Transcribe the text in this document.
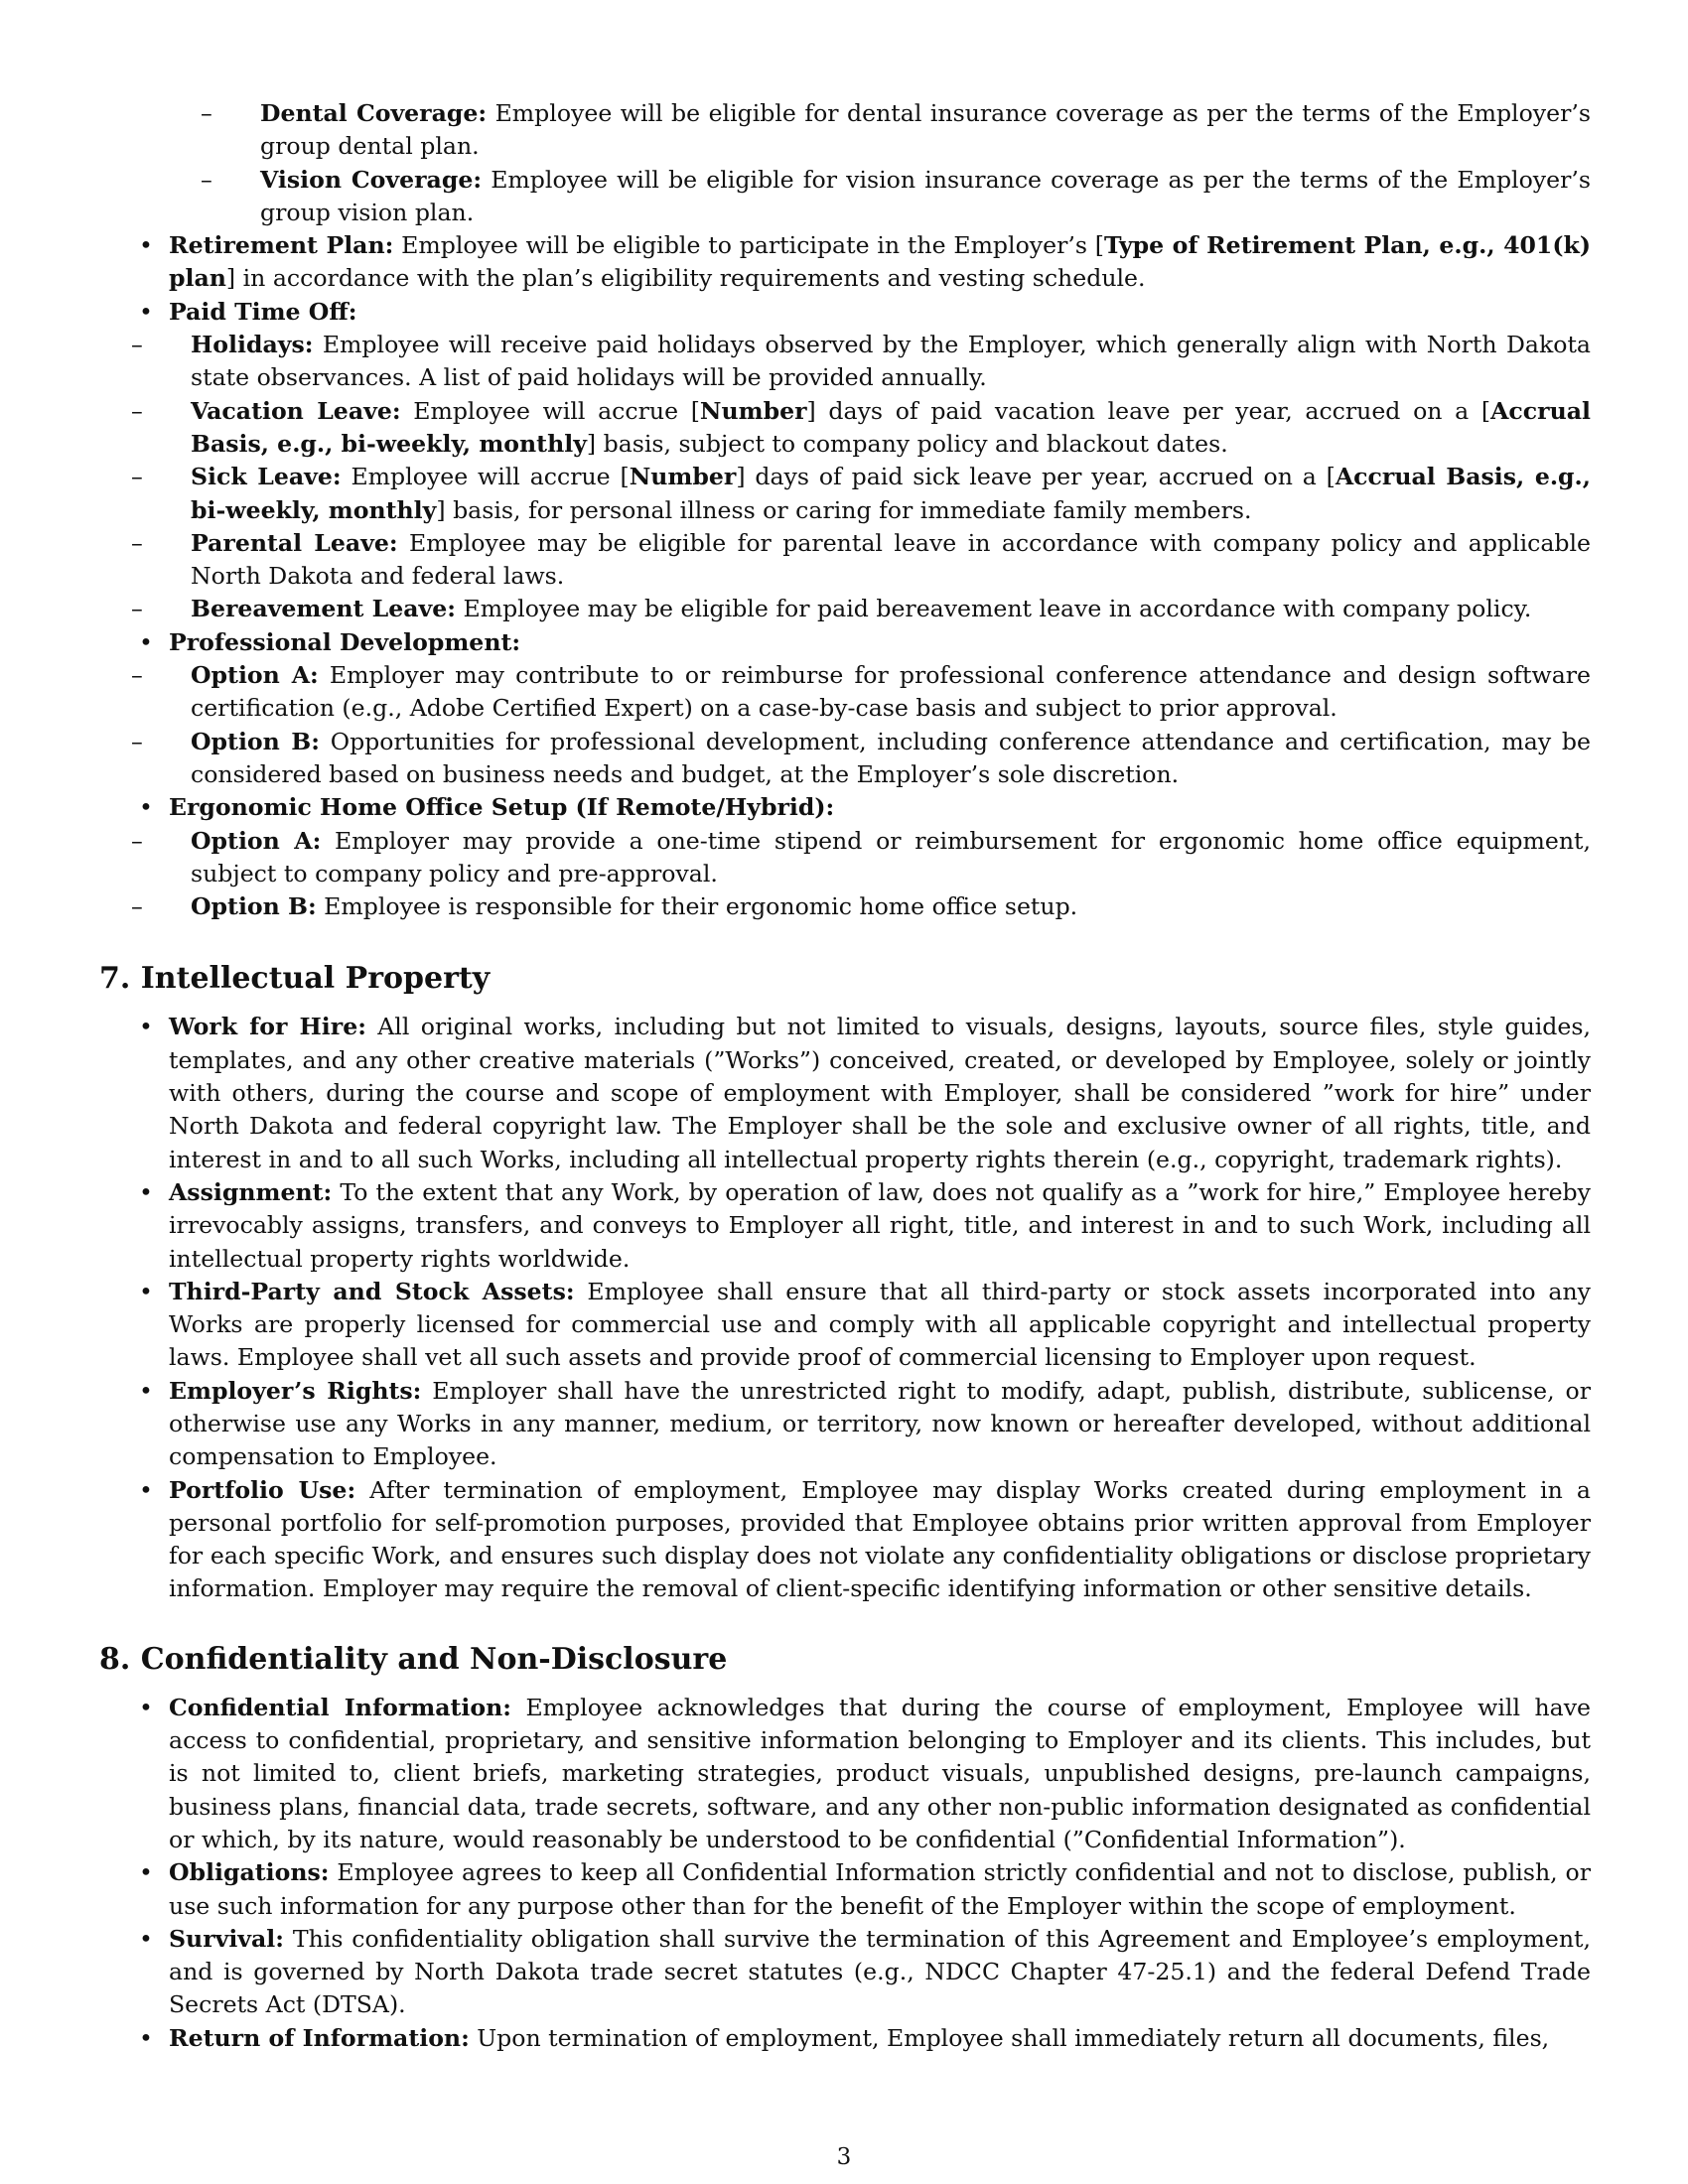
– Dental Coverage: Employee will be eligible for dental insurance coverage as per the terms of the Employer’s group dental plan.
– Vision Coverage: Employee will be eligible for vision insurance coverage as per the terms of the Employer’s group vision plan.
• Retirement Plan: Employee will be eligible to participate in the Employer’s [Type of Retirement Plan, e.g., 401(k) plan] in accordance with the plan’s eligibility requirements and vesting schedule.
• Paid Time Off:
– Holidays: Employee will receive paid holidays observed by the Employer, which generally align with North Dakota state observances. A list of paid holidays will be provided annually.
– Vacation Leave: Employee will accrue [Number] days of paid vacation leave per year, accrued on a [Accrual Basis, e.g., bi-weekly, monthly] basis, subject to company policy and blackout dates.
– Sick Leave: Employee will accrue [Number] days of paid sick leave per year, accrued on a [Accrual Basis, e.g., bi-weekly, monthly] basis, for personal illness or caring for immediate family members.
– Parental Leave: Employee may be eligible for parental leave in accordance with company policy and applicable North Dakota and federal laws.
– Bereavement Leave: Employee may be eligible for paid bereavement leave in accordance with company policy.
• Professional Development:
– Option A: Employer may contribute to or reimburse for professional conference attendance and design software certification (e.g., Adobe Certified Expert) on a case-by-case basis and subject to prior approval.
– Option B: Opportunities for professional development, including conference attendance and certification, may be considered based on business needs and budget, at the Employer’s sole discretion.
• Ergonomic Home Office Setup (If Remote/Hybrid):
– Option A: Employer may provide a one-time stipend or reimbursement for ergonomic home office equipment, subject to company policy and pre-approval.
– Option B: Employee is responsible for their ergonomic home office setup.
7. Intellectual Property
• Work for Hire: All original works, including but not limited to visuals, designs, layouts, source files, style guides, templates, and any other creative materials (”Works”) conceived, created, or developed by Employee, solely or jointly with others, during the course and scope of employment with Employer, shall be considered ”work for hire” under North Dakota and federal copyright law. The Employer shall be the sole and exclusive owner of all rights, title, and interest in and to all such Works, including all intellectual property rights therein (e.g., copyright, trademark rights).
• Assignment: To the extent that any Work, by operation of law, does not qualify as a ”work for hire,” Employee hereby irrevocably assigns, transfers, and conveys to Employer all right, title, and interest in and to such Work, including all intellectual property rights worldwide.
• Third-Party and Stock Assets: Employee shall ensure that all third-party or stock assets incorporated into any Works are properly licensed for commercial use and comply with all applicable copyright and intellectual property laws. Employee shall vet all such assets and provide proof of commercial licensing to Employer upon request.
• Employer’s Rights: Employer shall have the unrestricted right to modify, adapt, publish, distribute, sublicense, or otherwise use any Works in any manner, medium, or territory, now known or hereafter developed, without additional compensation to Employee.
• Portfolio Use: After termination of employment, Employee may display Works created during employment in a personal portfolio for self-promotion purposes, provided that Employee obtains prior written approval from Employer for each specific Work, and ensures such display does not violate any confidentiality obligations or disclose proprietary information. Employer may require the removal of client-specific identifying information or other sensitive details.
8. Confidentiality and Non-Disclosure
• Confidential Information: Employee acknowledges that during the course of employment, Employee will have access to confidential, proprietary, and sensitive information belonging to Employer and its clients. This includes, but is not limited to, client briefs, marketing strategies, product visuals, unpublished designs, pre-launch campaigns, business plans, financial data, trade secrets, software, and any other non-public information designated as confidential or which, by its nature, would reasonably be understood to be confidential (”Confidential Information”).
• Obligations: Employee agrees to keep all Confidential Information strictly confidential and not to disclose, publish, or use such information for any purpose other than for the benefit of the Employer within the scope of employment.
• Survival: This confidentiality obligation shall survive the termination of this Agreement and Employee’s employment, and is governed by North Dakota trade secret statutes (e.g., NDCC Chapter 47-25.1) and the federal Defend Trade Secrets Act (DTSA).
• Return of Information: Upon termination of employment, Employee shall immediately return all documents, files,
3
